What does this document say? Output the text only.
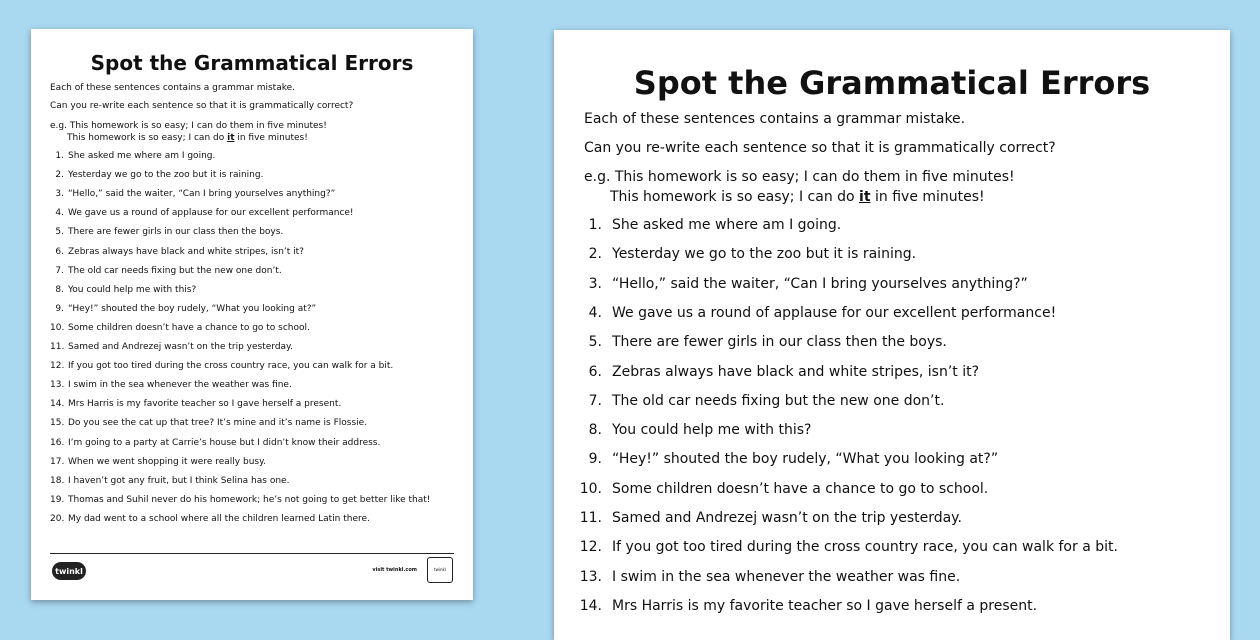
Spot the Grammatical Errors
Each of these sentences contains a grammar mistake.
Can you re-write each sentence so that it is grammatically correct?
e.g. This homework is so easy; I can do them in five minutes!
This homework is so easy; I can do it in five minutes!
1. She asked me where am I going.
2. Yesterday we go to the zoo but it is raining.
3. “Hello,” said the waiter, “Can I bring yourselves anything?”
4. We gave us a round of applause for our excellent performance!
5. There are fewer girls in our class then the boys.
6. Zebras always have black and white stripes, isn’t it?
7. The old car needs fixing but the new one don’t.
8. You could help me with this?
9. “Hey!” shouted the boy rudely, “What you looking at?”
10. Some children doesn’t have a chance to go to school.
11. Samed and Andrezej wasn’t on the trip yesterday.
12. If you got too tired during the cross country race, you can walk for a bit.
13. I swim in the sea whenever the weather was fine.
14. Mrs Harris is my favorite teacher so I gave herself a present.
15. Do you see the cat up that tree? It’s mine and it’s name is Flossie.
16. I’m going to a party at Carrie’s house but I didn’t know their address.
17. When we went shopping it were really busy.
18. I haven’t got any fruit, but I think Selina has one.
19. Thomas and Suhil never do his homework; he’s not going to get better like that!
20. My dad went to a school where all the children learned Latin there.
twinkl	visit twinkl.com	twinkl
Spot the Grammatical Errors
Each of these sentences contains a grammar mistake.
Can you re-write each sentence so that it is grammatically correct?
e.g. This homework is so easy; I can do them in five minutes!
This homework is so easy; I can do it in five minutes!
1. She asked me where am I going.
2. Yesterday we go to the zoo but it is raining.
3. “Hello,” said the waiter, “Can I bring yourselves anything?”
4. We gave us a round of applause for our excellent performance!
5. There are fewer girls in our class then the boys.
6. Zebras always have black and white stripes, isn’t it?
7. The old car needs fixing but the new one don’t.
8. You could help me with this?
9. “Hey!” shouted the boy rudely, “What you looking at?”
10. Some children doesn’t have a chance to go to school.
11. Samed and Andrezej wasn’t on the trip yesterday.
12. If you got too tired during the cross country race, you can walk for a bit.
13. I swim in the sea whenever the weather was fine.
14. Mrs Harris is my favorite teacher so I gave herself a present.
